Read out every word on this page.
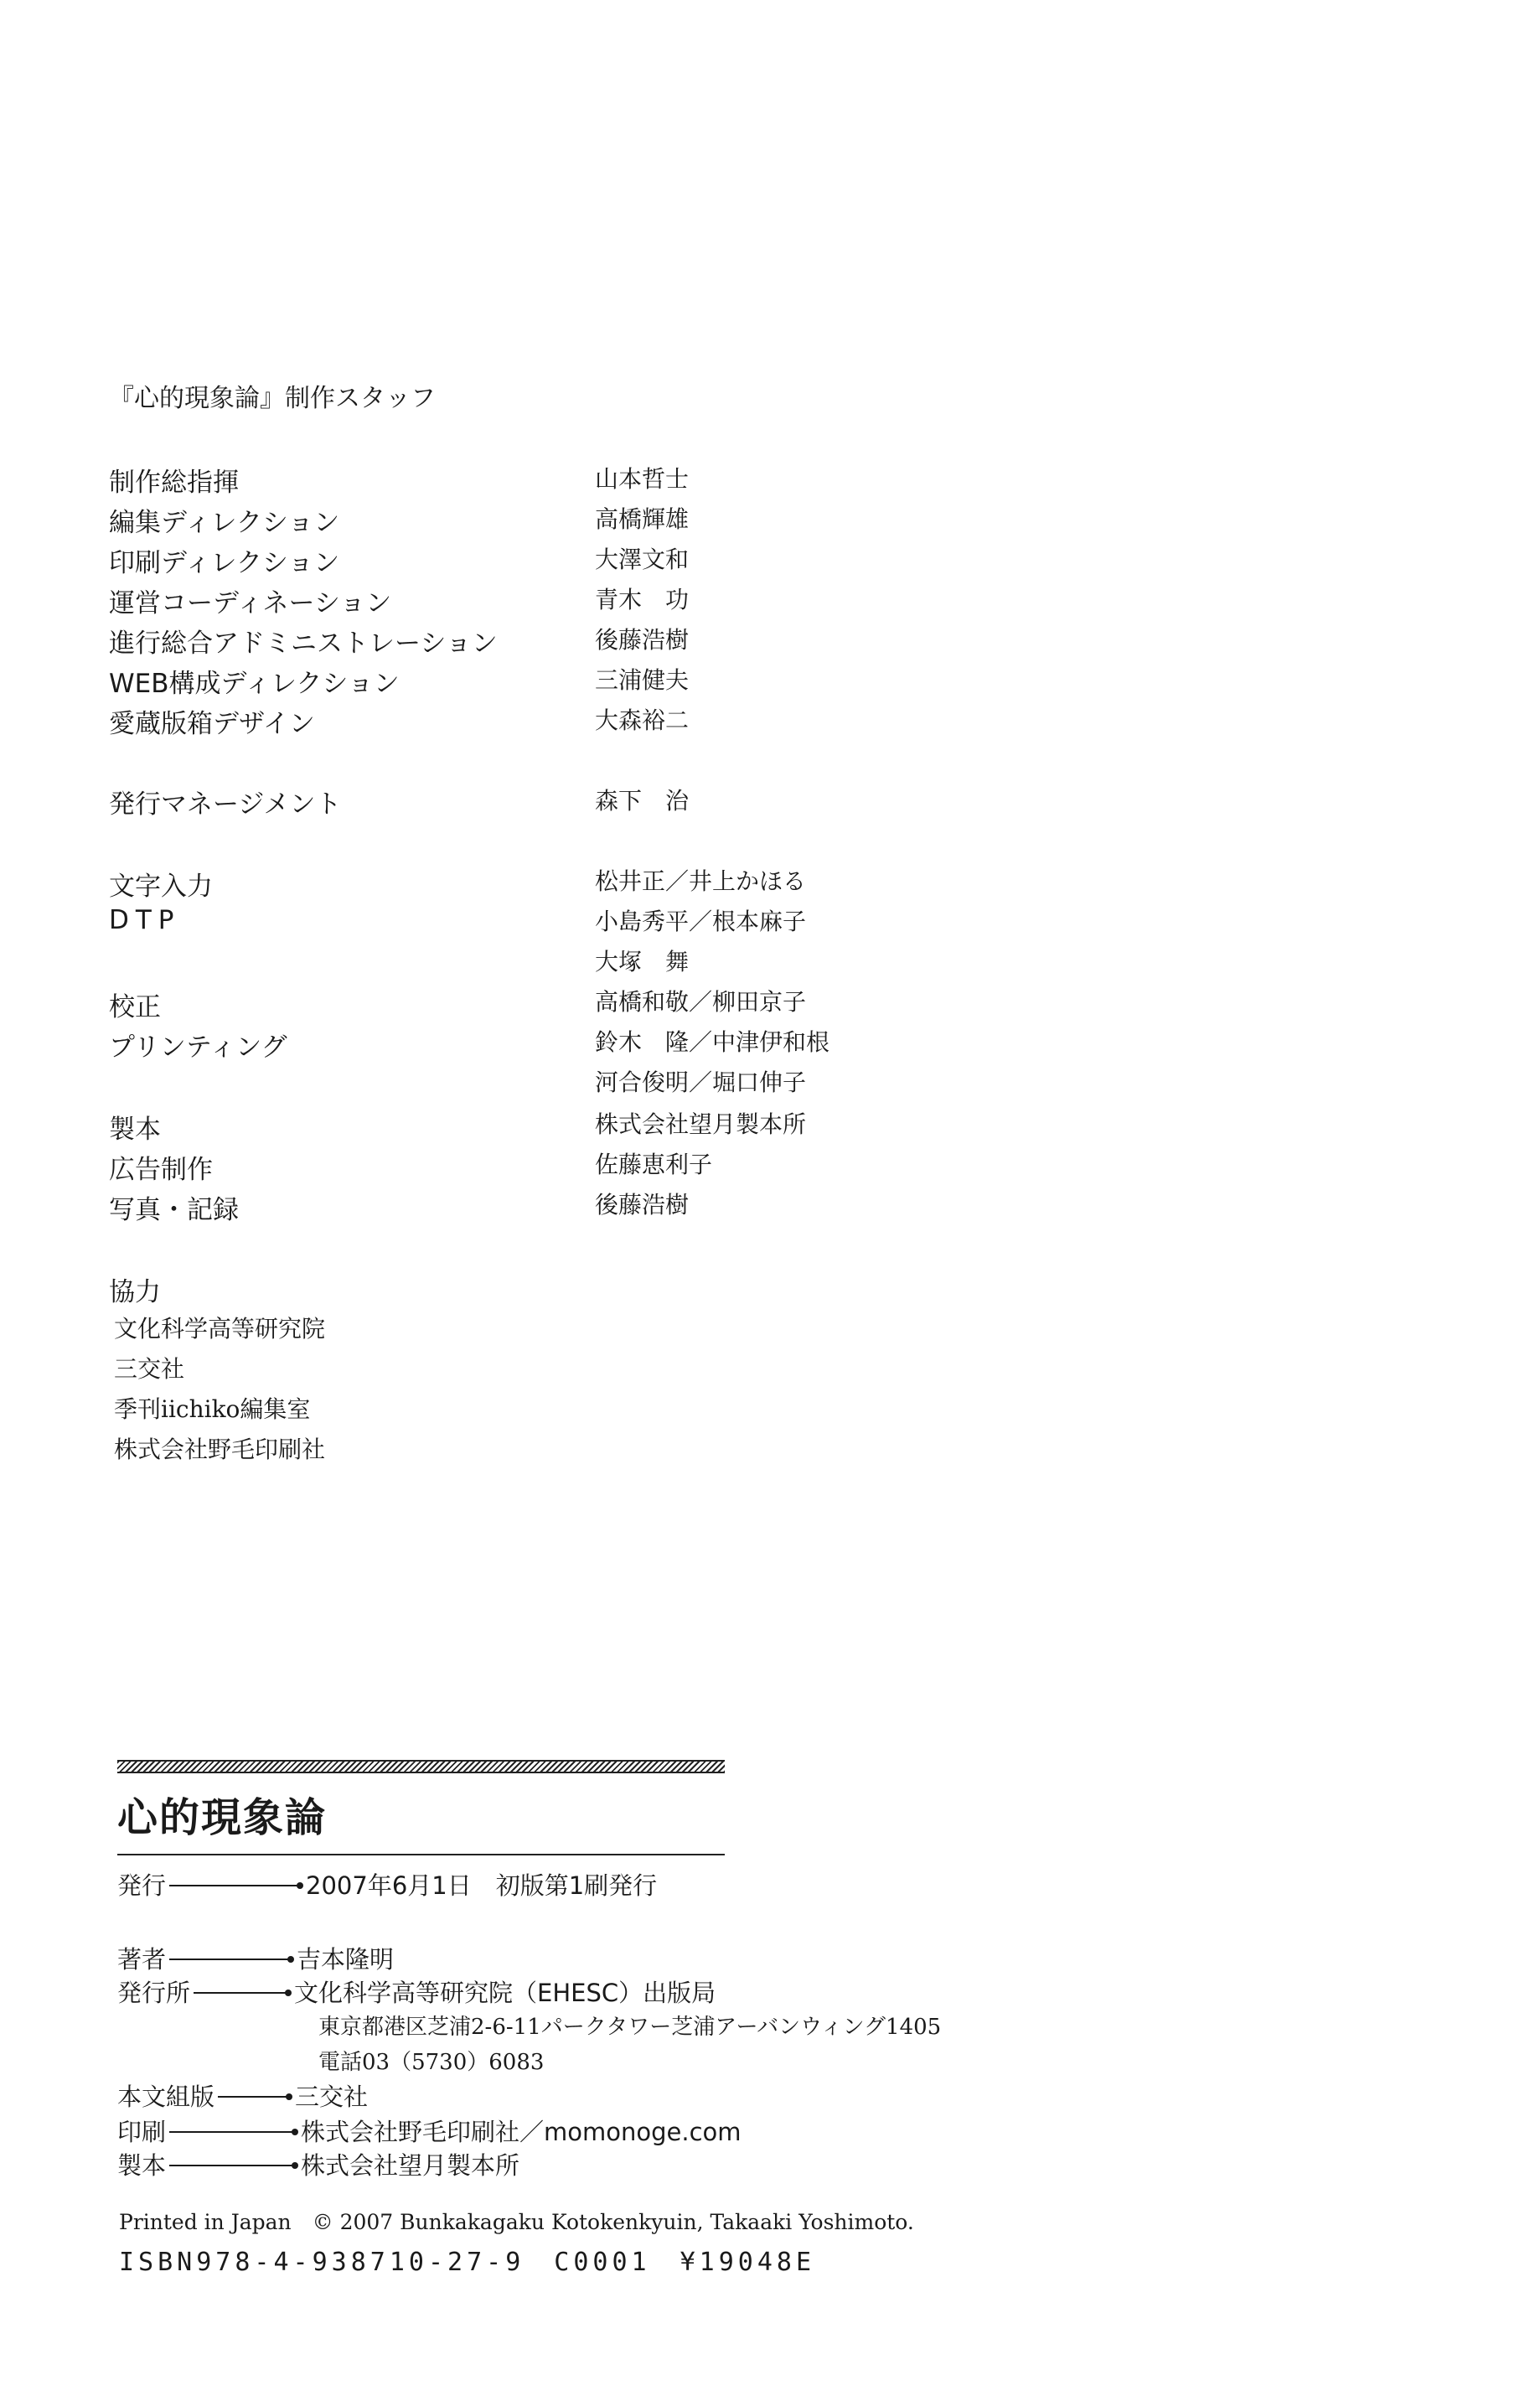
『心的現象論』制作スタッフ
制作総指揮	山本哲士
編集ディレクション	高橋輝雄
印刷ディレクション	大澤文和
運営コーディネーション	青木　功
進行総合アドミニストレーション	後藤浩樹
WEB構成ディレクション	三浦健夫
愛蔵版箱デザイン	大森裕二
発行マネージメント	森下　治
文字入力	松井正／井上かほる
DTP	小島秀平／根本麻子
大塚　舞
校正	高橋和敬／柳田京子
プリンティング	鈴木　隆／中津伊和根
河合俊明／堀口伸子
製本	株式会社望月製本所
広告制作	佐藤恵利子
写真・記録	後藤浩樹
協力
文化科学高等研究院
三交社
季刊iichiko編集室
株式会社野毛印刷社
心的現象論
発行	2007年6月1日　初版第1刷発行
著者	吉本隆明
発行所	文化科学高等研究院（EHESC）出版局
東京都港区芝浦2-6-11パークタワー芝浦アーバンウィング1405
電話03（5730）6083
本文組版	三交社
印刷	株式会社野毛印刷社／momonoge.com
製本	株式会社望月製本所
Printed in Japan　© 2007 Bunkakagaku Kotokenkyuin, Takaaki Yoshimoto.
ISBN978-4-938710-27-9　C0001　¥19048E
